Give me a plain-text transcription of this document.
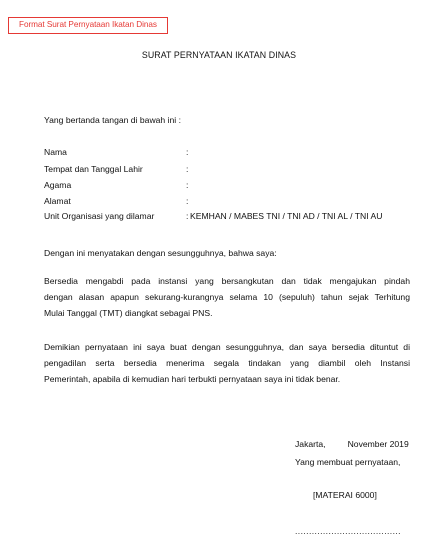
Format Surat Pernyataan Ikatan Dinas
SURAT PERNYATAAN IKATAN DINAS
Yang bertanda tangan di bawah ini :
Nama	:
Tempat dan Tanggal Lahir	:
Agama	:
Alamat	:
Unit Organisasi yang dilamar	: KEMHAN / MABES TNI / TNI AD / TNI AL / TNI AU
Dengan ini menyatakan dengan sesungguhnya, bahwa saya:
Bersedia mengabdi pada instansi yang bersangkutan dan tidak mengajukan pindah
dengan alasan apapun sekurang-kurangnya selama 10 (sepuluh) tahun sejak Terhitung
Mulai Tanggal (TMT) diangkat sebagai PNS.
Demikian pernyataan ini saya buat dengan sesungguhnya, dan saya bersedia dituntut di
pengadilan serta bersedia menerima segala tindakan yang diambil oleh Instansi
Pemerintah, apabila di kemudian hari terbukti pernyataan saya ini tidak benar.
Jakarta,	November 2019
Yang membuat pernyataan,
[MATERAI 6000]
......................................
